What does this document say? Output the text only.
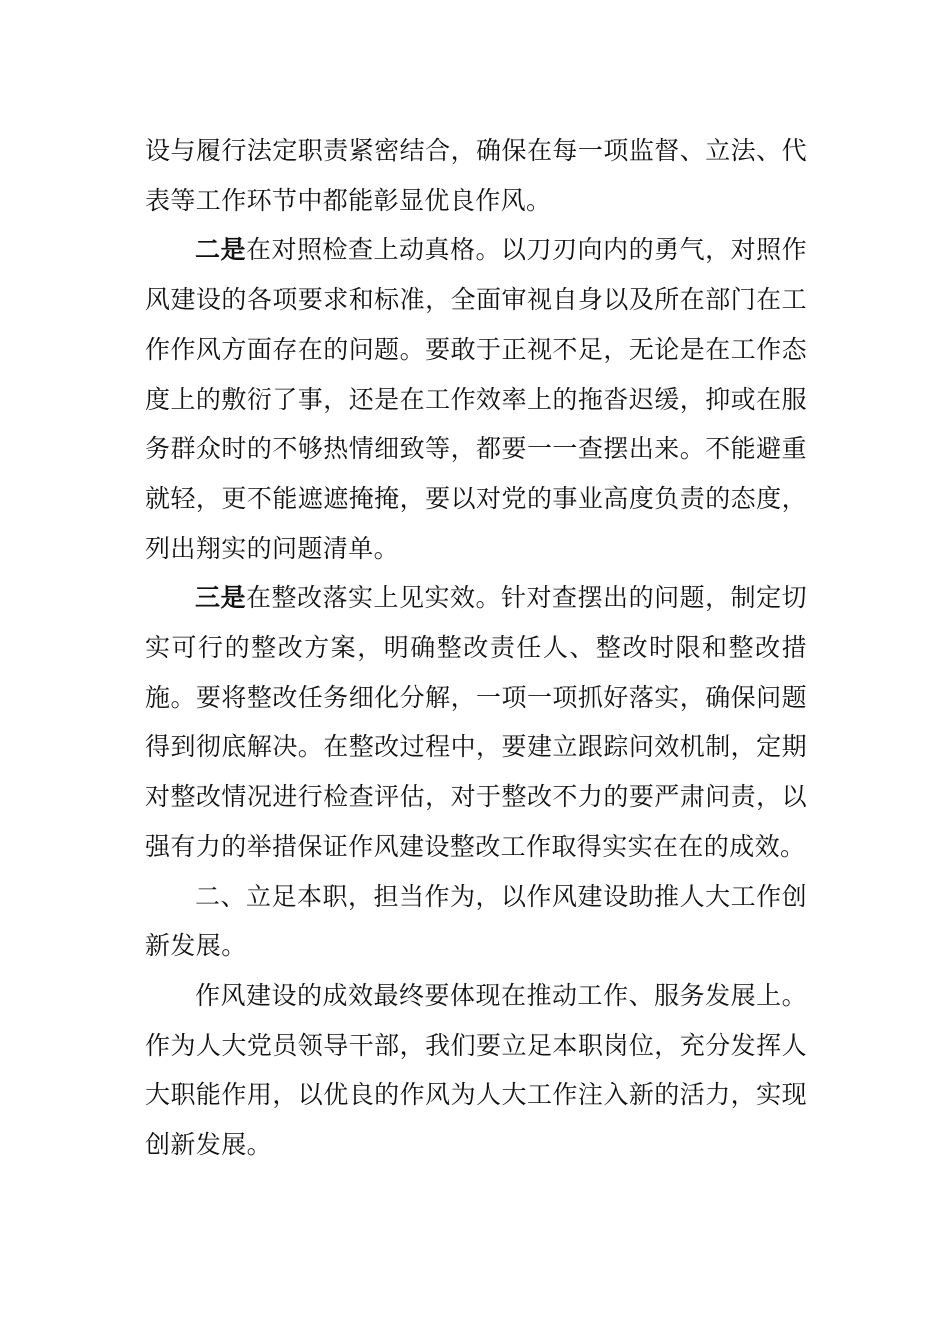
设与履行法定职责紧密结合，确保在每一项监督、立法、代表等工作环节中都能彰显优良作风。

二是在对照检查上动真格。以刀刃向内的勇气，对照作风建设的各项要求和标准，全面审视自身以及所在部门在工作作风方面存在的问题。要敢于正视不足，无论是在工作态度上的敷衍了事，还是在工作效率上的拖沓迟缓，抑或在服务群众时的不够热情细致等，都要一一查摆出来。不能避重就轻，更不能遮遮掩掩，要以对党的事业高度负责的态度，列出翔实的问题清单。

三是在整改落实上见实效。针对查摆出的问题，制定切实可行的整改方案，明确整改责任人、整改时限和整改措施。要将整改任务细化分解，一项一项抓好落实，确保问题得到彻底解决。在整改过程中，要建立跟踪问效机制，定期对整改情况进行检查评估，对于整改不力的要严肃问责，以强有力的举措保证作风建设整改工作取得实实在在的成效。

二、立足本职，担当作为，以作风建设助推人大工作创新发展。

作风建设的成效最终要体现在推动工作、服务发展上。作为人大党员领导干部，我们要立足本职岗位，充分发挥人大职能作用，以优良的作风为人大工作注入新的活力，实现创新发展。
